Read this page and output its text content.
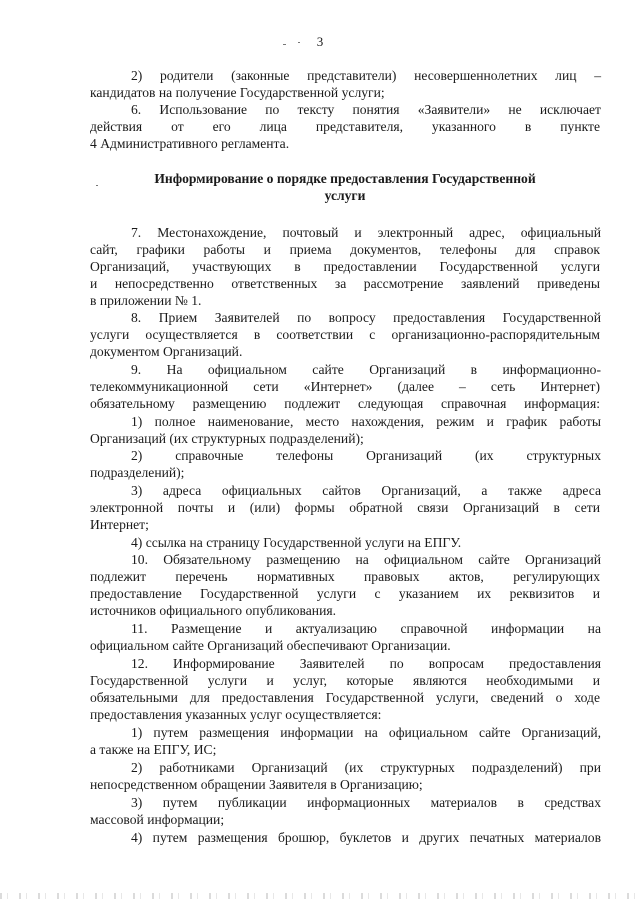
3
2) родители (законные представители) несовершеннолетних лиц –
кандидатов на получение Государственной услуги;
6. Использование по тексту понятия «Заявители» не исключает
действия от его лица представителя, указанного в пункте
4 Административного регламента.
Информирование о порядке предоставления Государственной
услуги
7. Местонахождение, почтовый и электронный адрес, официальный
сайт, графики работы и приема документов, телефоны для справок
Организаций, участвующих в предоставлении Государственной услуги
и непосредственно ответственных за рассмотрение заявлений приведены
в приложении № 1.
8. Прием Заявителей по вопросу предоставления Государственной
услуги осуществляется в соответствии с организационно-распорядительным
документом Организаций.
9. На официальном сайте Организаций в информационно-
телекоммуникационной сети «Интернет» (далее – сеть Интернет)
обязательному размещению подлежит следующая справочная информация:
1) полное наименование, место нахождения, режим и график работы
Организаций (их структурных подразделений);
2) справочные телефоны Организаций (их структурных
подразделений);
3) адреса официальных сайтов Организаций, а также адреса
электронной почты и (или) формы обратной связи Организаций в сети
Интернет;
4) ссылка на страницу Государственной услуги на ЕПГУ.
10. Обязательному размещению на официальном сайте Организаций
подлежит перечень нормативных правовых актов, регулирующих
предоставление Государственной услуги с указанием их реквизитов и
источников официального опубликования.
11. Размещение и актуализацию справочной информации на
официальном сайте Организаций обеспечивают Организации.
12. Информирование Заявителей по вопросам предоставления
Государственной услуги и услуг, которые являются необходимыми и
обязательными для предоставления Государственной услуги, сведений о ходе
предоставления указанных услуг осуществляется:
1) путем размещения информации на официальном сайте Организаций,
а также на ЕПГУ, ИС;
2) работниками Организаций (их структурных подразделений) при
непосредственном обращении Заявителя в Организацию;
3) путем публикации информационных материалов в средствах
массовой информации;
4) путем размещения брошюр, буклетов и других печатных материалов
